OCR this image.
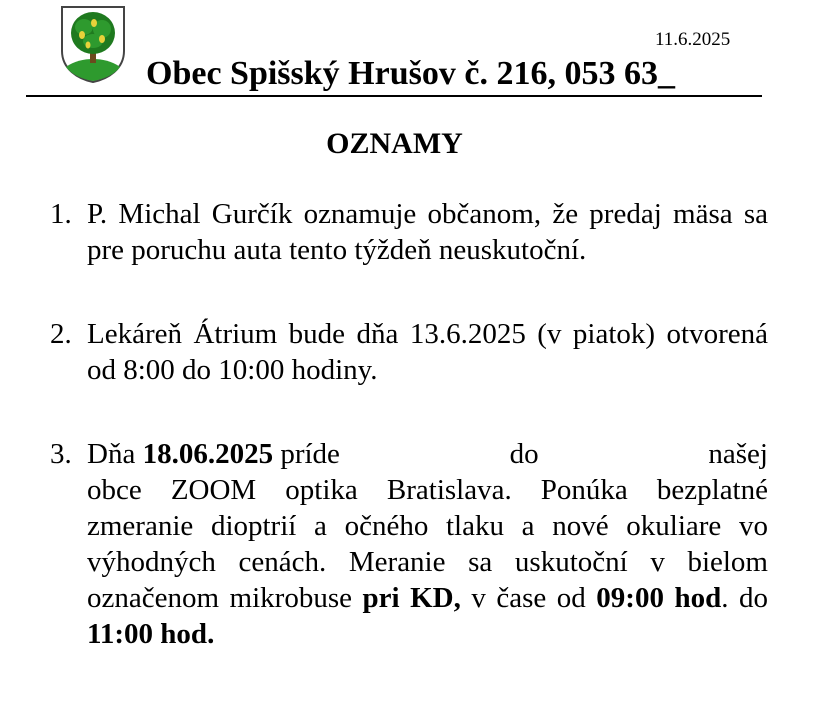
11.6.2025
Obec Spišský Hrušov č. 216, 053 63_
OZNAMY
1. P. Michal Gurčík oznamuje občanom, že predaj mäsa sa pre poruchu auta tento týždeň neuskutoční.
2. Lekáreň Átrium bude dňa 13.6.2025 (v piatok) otvorená od 8:00 do 10:00 hodiny.
3. Dňa 18.06.2025 príde	do	našej
obce ZOOM optika Bratislava. Ponúka bezplatné zmeranie dioptrií a očného tlaku a nové okuliare vo výhodných cenách. Meranie sa uskutoční v bielom označenom mikrobuse pri KD, v čase od 09:00 hod. do 11:00 hod.
